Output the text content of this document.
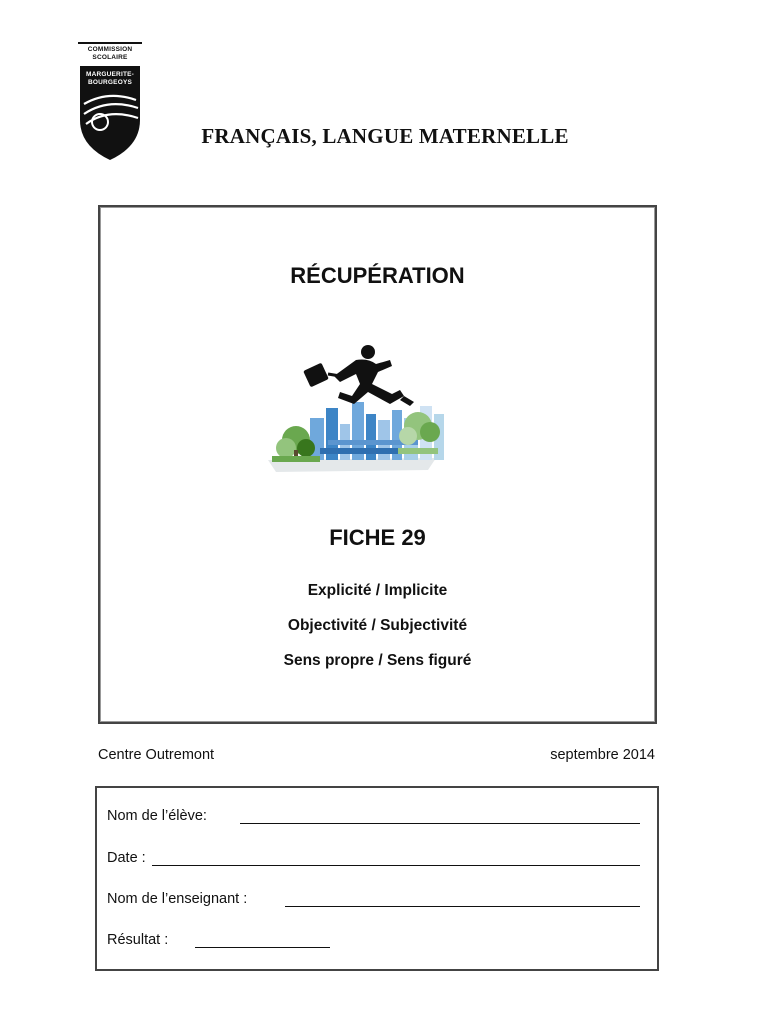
COMMISSION
SCOLAIRE
MARGUERITE-
BOURGEOYS
FRANÇAIS, LANGUE MATERNELLE
RÉCUPÉRATION
FICHE 29
Explicité / Implicite
Objectivité / Subjectivité
Sens propre / Sens figuré
Centre Outremont	septembre 2014
Nom de l’élève:
Date :
Nom de l’enseignant :
Résultat :
